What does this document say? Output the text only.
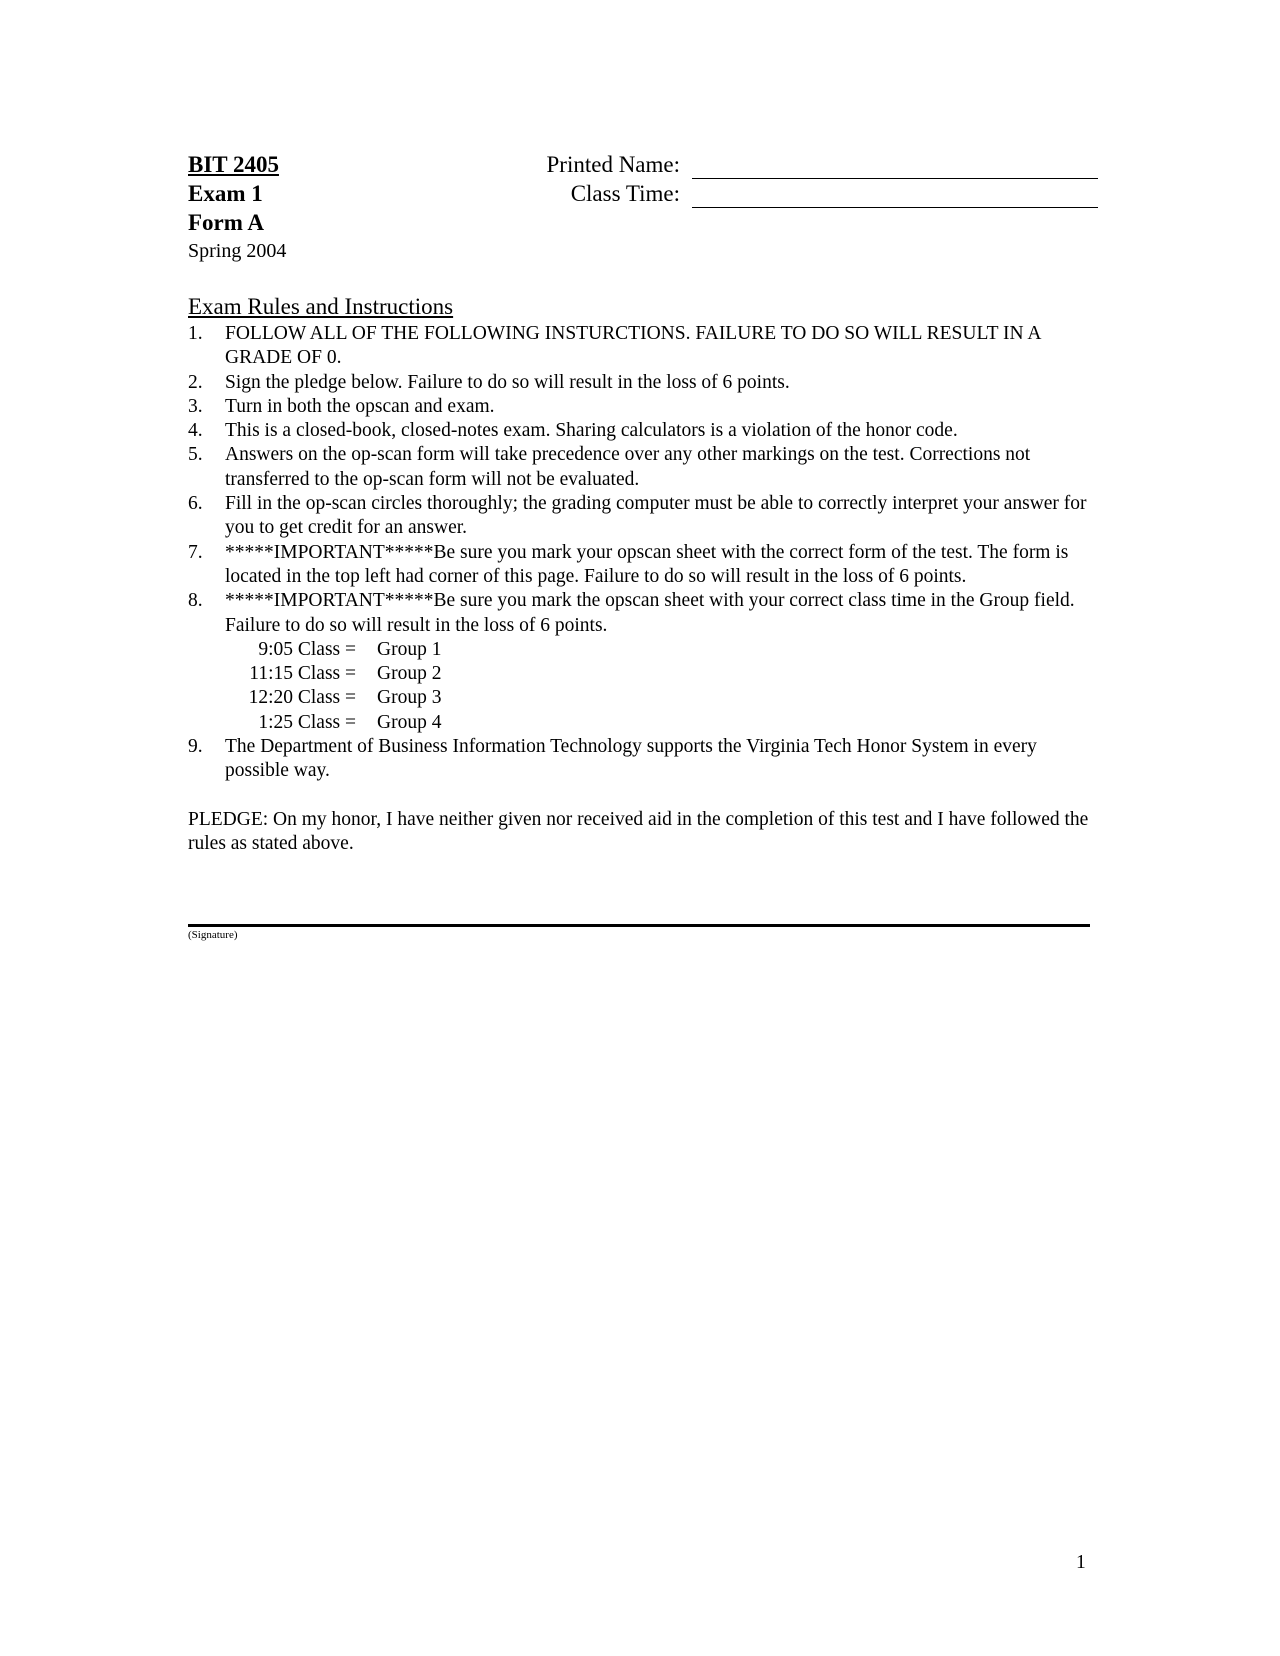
BIT 2405
Exam 1
Form A
Spring 2004
Printed Name:
Class Time:
Exam Rules and Instructions
1.	FOLLOW ALL OF THE FOLLOWING INSTURCTIONS. FAILURE TO DO SO WILL RESULT IN A GRADE OF 0.
2.	Sign the pledge below. Failure to do so will result in the loss of 6 points.
3.	Turn in both the opscan and exam.
4.	This is a closed-book, closed-notes exam. Sharing calculators is a violation of the honor code.
5.	Answers on the op-scan form will take precedence over any other markings on the test. Corrections not transferred to the op-scan form will not be evaluated.
6.	Fill in the op-scan circles thoroughly; the grading computer must be able to correctly interpret your answer for you to get credit for an answer.
7.	*****IMPORTANT*****Be sure you mark your opscan sheet with the correct form of the test. The form is located in the top left had corner of this page. Failure to do so will result in the loss of 6 points.
8.	*****IMPORTANT*****Be sure you mark the opscan sheet with your correct class time in the Group field. Failure to do so will result in the loss of 6 points.
9:05 Class =	Group 1
11:15 Class =	Group 2
12:20 Class =	Group 3
1:25 Class =	Group 4
9.	The Department of Business Information Technology supports the Virginia Tech Honor System in every possible way.
PLEDGE: On my honor, I have neither given nor received aid in the completion of this test and I have followed the rules as stated above.
(Signature)
1
